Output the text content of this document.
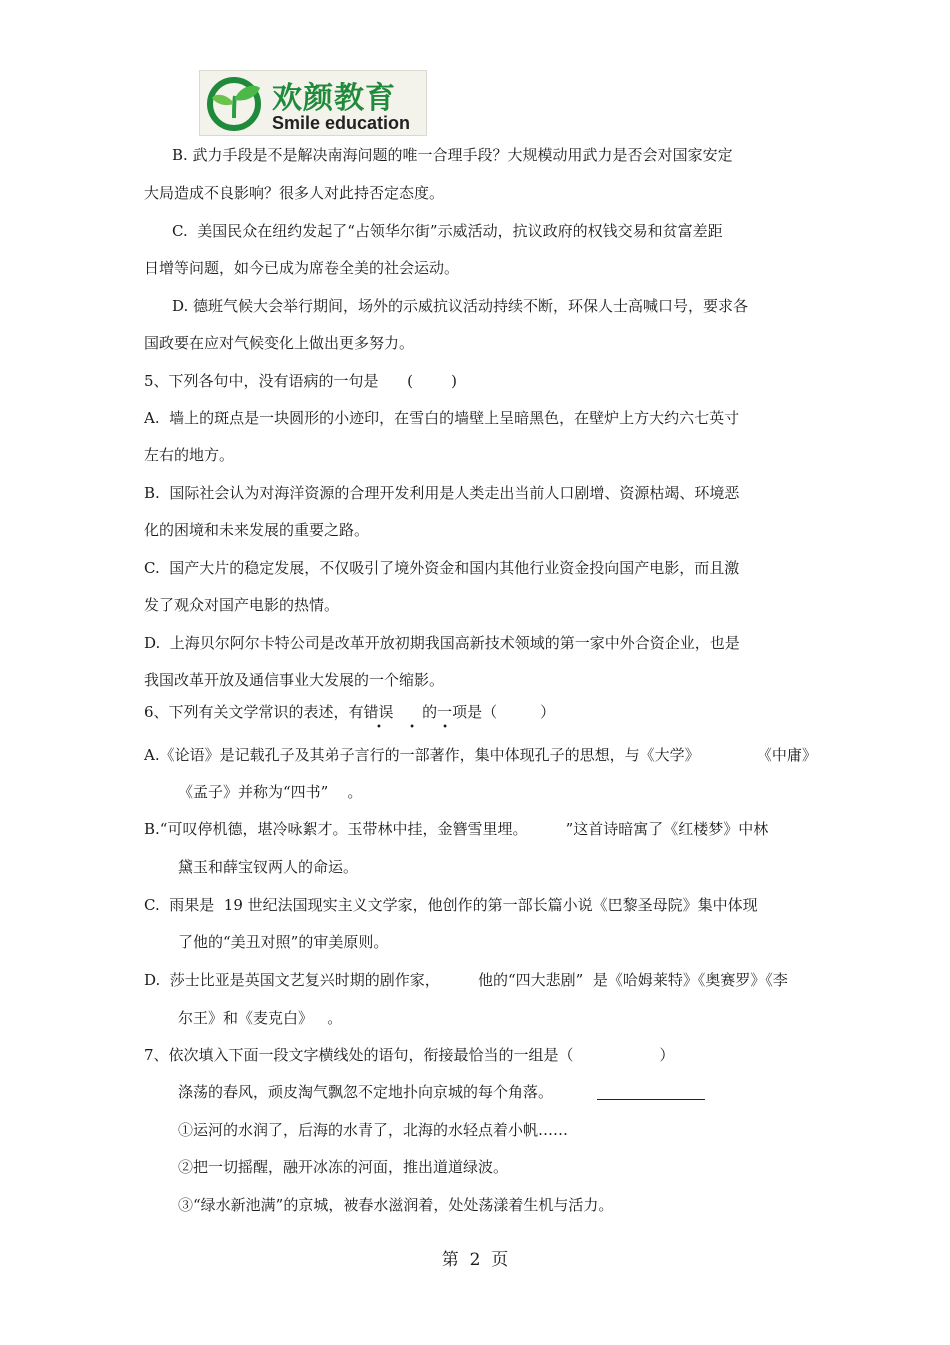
欢颜教育
Smile education

B. 武力手段是不是解决南海问题的唯一合理手段？大规模动用武力是否会对国家安定

大局造成不良影响？很多人对此持否定态度。

C.  美国民众在纽约发起了“占领华尔街”示威活动，抗议政府的权钱交易和贫富差距

日增等问题，如今已成为席卷全美的社会运动。

D. 德班气候大会举行期间，场外的示威抗议活动持续不断，环保人士高喊口号，要求各

国政要在应对气候变化上做出更多努力。

5、下列各句中，没有语病的一句是      (        )

A.  墙上的斑点是一块圆形的小迹印，在雪白的墙壁上呈暗黑色，在壁炉上方大约六七英寸

左右的地方。

B.  国际社会认为对海洋资源的合理开发利用是人类走出当前人口剧增、资源枯竭、环境恶

化的困境和未来发展的重要之路。

C.  国产大片的稳定发展，不仅吸引了境外资金和国内其他行业资金投向国产电影，而且激

发了观众对国产电影的热情。

D.  上海贝尔阿尔卡特公司是改革开放初期我国高新技术领域的第一家中外合资企业，也是

我国改革开放及通信事业大发展的一个缩影。

6、下列有关文学常识的表述，有错误      的一项是（         ）

A.《论语》是记载孔子及其弟子言行的一部著作，集中体现孔子的思想，与《大学》            《中庸》

《孟子》并称为“四书”    。

B.“可叹停机德，堪冷咏絮才。玉带林中挂，金簪雪里埋。        ”这首诗暗寓了《红楼梦》中林

黛玉和薛宝钗两人的命运。

C.  雨果是  19 世纪法国现实主义文学家，他创作的第一部长篇小说《巴黎圣母院》集中体现

了他的“美丑对照”的审美原则。

D.  莎士比亚是英国文艺复兴时期的剧作家，        他的“四大悲剧”  是《哈姆莱特》《奥赛罗》《李

尔王》和《麦克白》   。

7、依次填入下面一段文字横线处的语句，衔接最恰当的一组是（                  ）

涤荡的春风，顽皮淘气飘忽不定地扑向京城的每个角落。

①运河的水润了，后海的水青了，北海的水轻点着小帆……

②把一切摇醒，融开冰冻的河面，推出道道绿波。

③“绿水新池满”的京城，被春水滋润着，处处荡漾着生机与活力。

• • •
第  2  页
